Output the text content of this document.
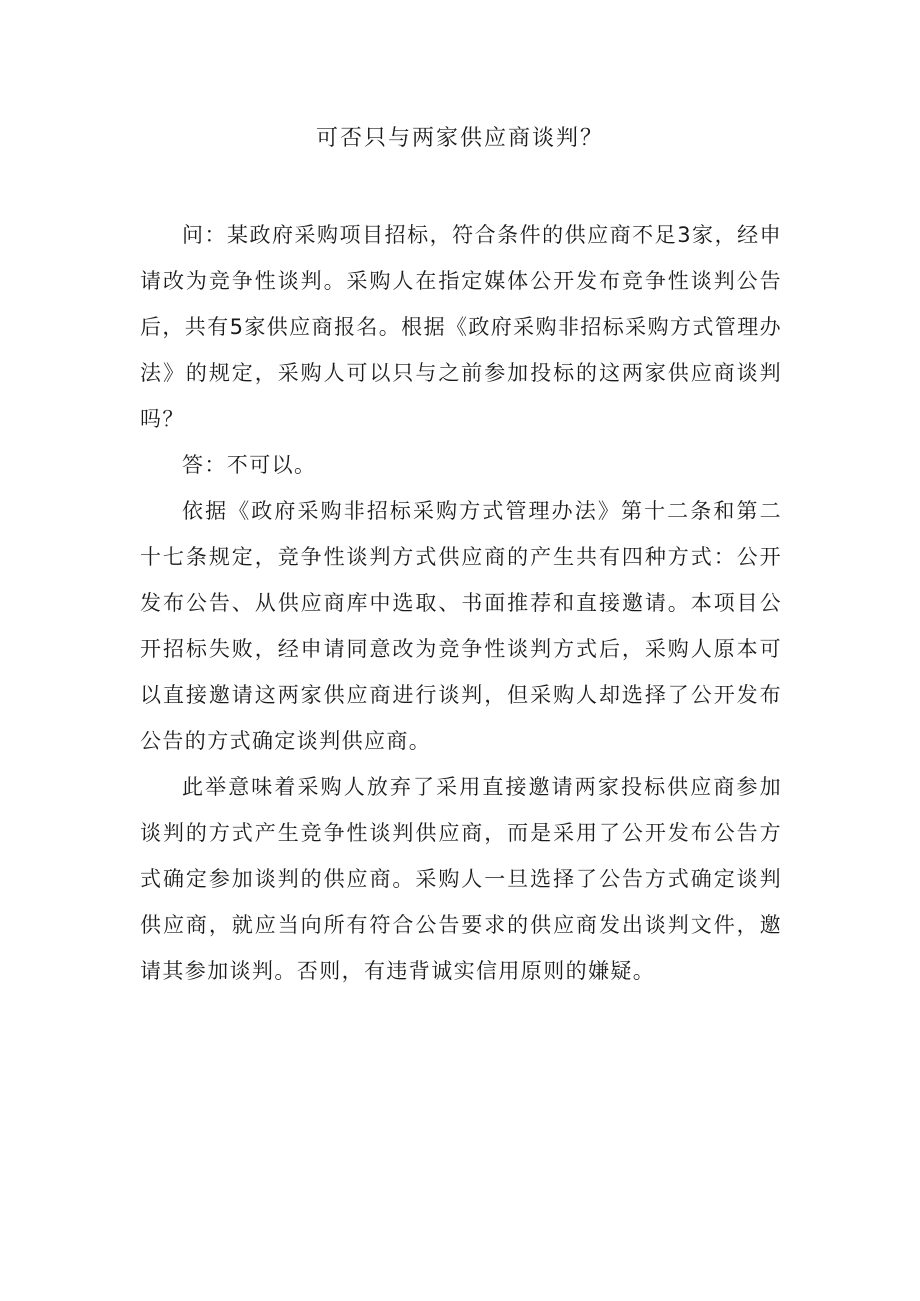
可否只与两家供应商谈判？

问：某政府采购项目招标，符合条件的供应商不足3家，经申请改为竞争性谈判。采购人在指定媒体公开发布竞争性谈判公告后，共有5家供应商报名。根据《政府采购非招标采购方式管理办法》的规定，采购人可以只与之前参加投标的这两家供应商谈判吗？

答：不可以。

依据《政府采购非招标采购方式管理办法》第十二条和第二十七条规定，竞争性谈判方式供应商的产生共有四种方式：公开发布公告、从供应商库中选取、书面推荐和直接邀请。本项目公开招标失败，经申请同意改为竞争性谈判方式后，采购人原本可以直接邀请这两家供应商进行谈判，但采购人却选择了公开发布公告的方式确定谈判供应商。

此举意味着采购人放弃了采用直接邀请两家投标供应商参加谈判的方式产生竞争性谈判供应商，而是采用了公开发布公告方式确定参加谈判的供应商。采购人一旦选择了公告方式确定谈判供应商，就应当向所有符合公告要求的供应商发出谈判文件，邀请其参加谈判。否则，有违背诚实信用原则的嫌疑。
